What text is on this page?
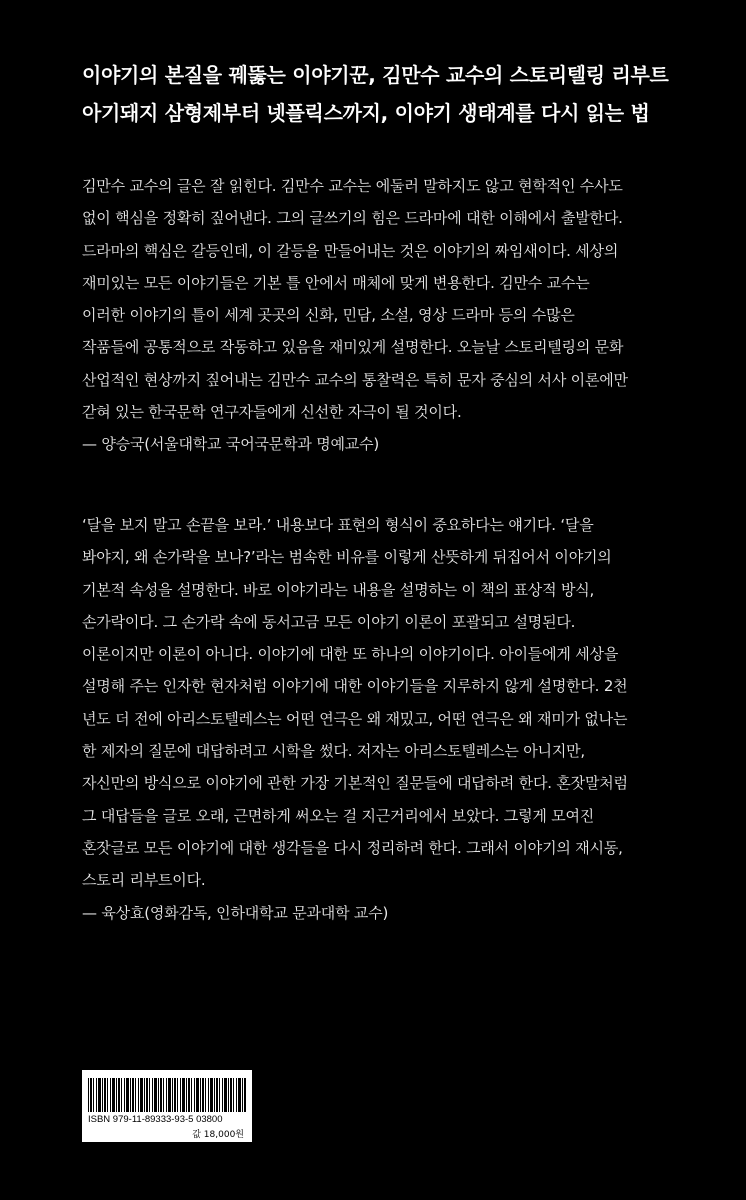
이야기의 본질을 꿰뚫는 이야기꾼, 김만수 교수의 스토리텔링 리부트
아기돼지 삼형제부터 넷플릭스까지, 이야기 생태계를 다시 읽는 법
김만수 교수의 글은 잘 읽힌다. 김만수 교수는 에둘러 말하지도 않고 현학적인 수사도
없이 핵심을 정확히 짚어낸다. 그의 글쓰기의 힘은 드라마에 대한 이해에서 출발한다.
드라마의 핵심은 갈등인데, 이 갈등을 만들어내는 것은 이야기의 짜임새이다. 세상의
재미있는 모든 이야기들은 기본 틀 안에서 매체에 맞게 변용한다. 김만수 교수는
이러한 이야기의 틀이 세계 곳곳의 신화, 민담, 소설, 영상 드라마 등의 수많은
작품들에 공통적으로 작동하고 있음을 재미있게 설명한다. 오늘날 스토리텔링의 문화
산업적인 현상까지 짚어내는 김만수 교수의 통찰력은 특히 문자 중심의 서사 이론에만
갇혀 있는 한국문학 연구자들에게 신선한 자극이 될 것이다.
— 양승국(서울대학교 국어국문학과 명예교수)
‘달을 보지 말고 손끝을 보라.’ 내용보다 표현의 형식이 중요하다는 얘기다. ‘달을
봐야지, 왜 손가락을 보나?’라는 범속한 비유를 이렇게 산뜻하게 뒤집어서 이야기의
기본적 속성을 설명한다. 바로 이야기라는 내용을 설명하는 이 책의 표상적 방식,
손가락이다. 그 손가락 속에 동서고금 모든 이야기 이론이 포괄되고 설명된다.
이론이지만 이론이 아니다. 이야기에 대한 또 하나의 이야기이다. 아이들에게 세상을
설명해 주는 인자한 현자처럼 이야기에 대한 이야기들을 지루하지 않게 설명한다. 2천
년도 더 전에 아리스토텔레스는 어떤 연극은 왜 재밌고, 어떤 연극은 왜 재미가 없나는
한 제자의 질문에 대답하려고 시학을 썼다. 저자는 아리스토텔레스는 아니지만,
자신만의 방식으로 이야기에 관한 가장 기본적인 질문들에 대답하려 한다. 혼잣말처럼
그 대답들을 글로 오래, 근면하게 써오는 걸 지근거리에서 보았다. 그렇게 모여진
혼잣글로 모든 이야기에 대한 생각들을 다시 정리하려 한다. 그래서 이야기의 재시동,
스토리 리부트이다.
— 육상효(영화감독, 인하대학교 문과대학 교수)
ISBN 979-11-89333-93-5 03800
값 18,000원
